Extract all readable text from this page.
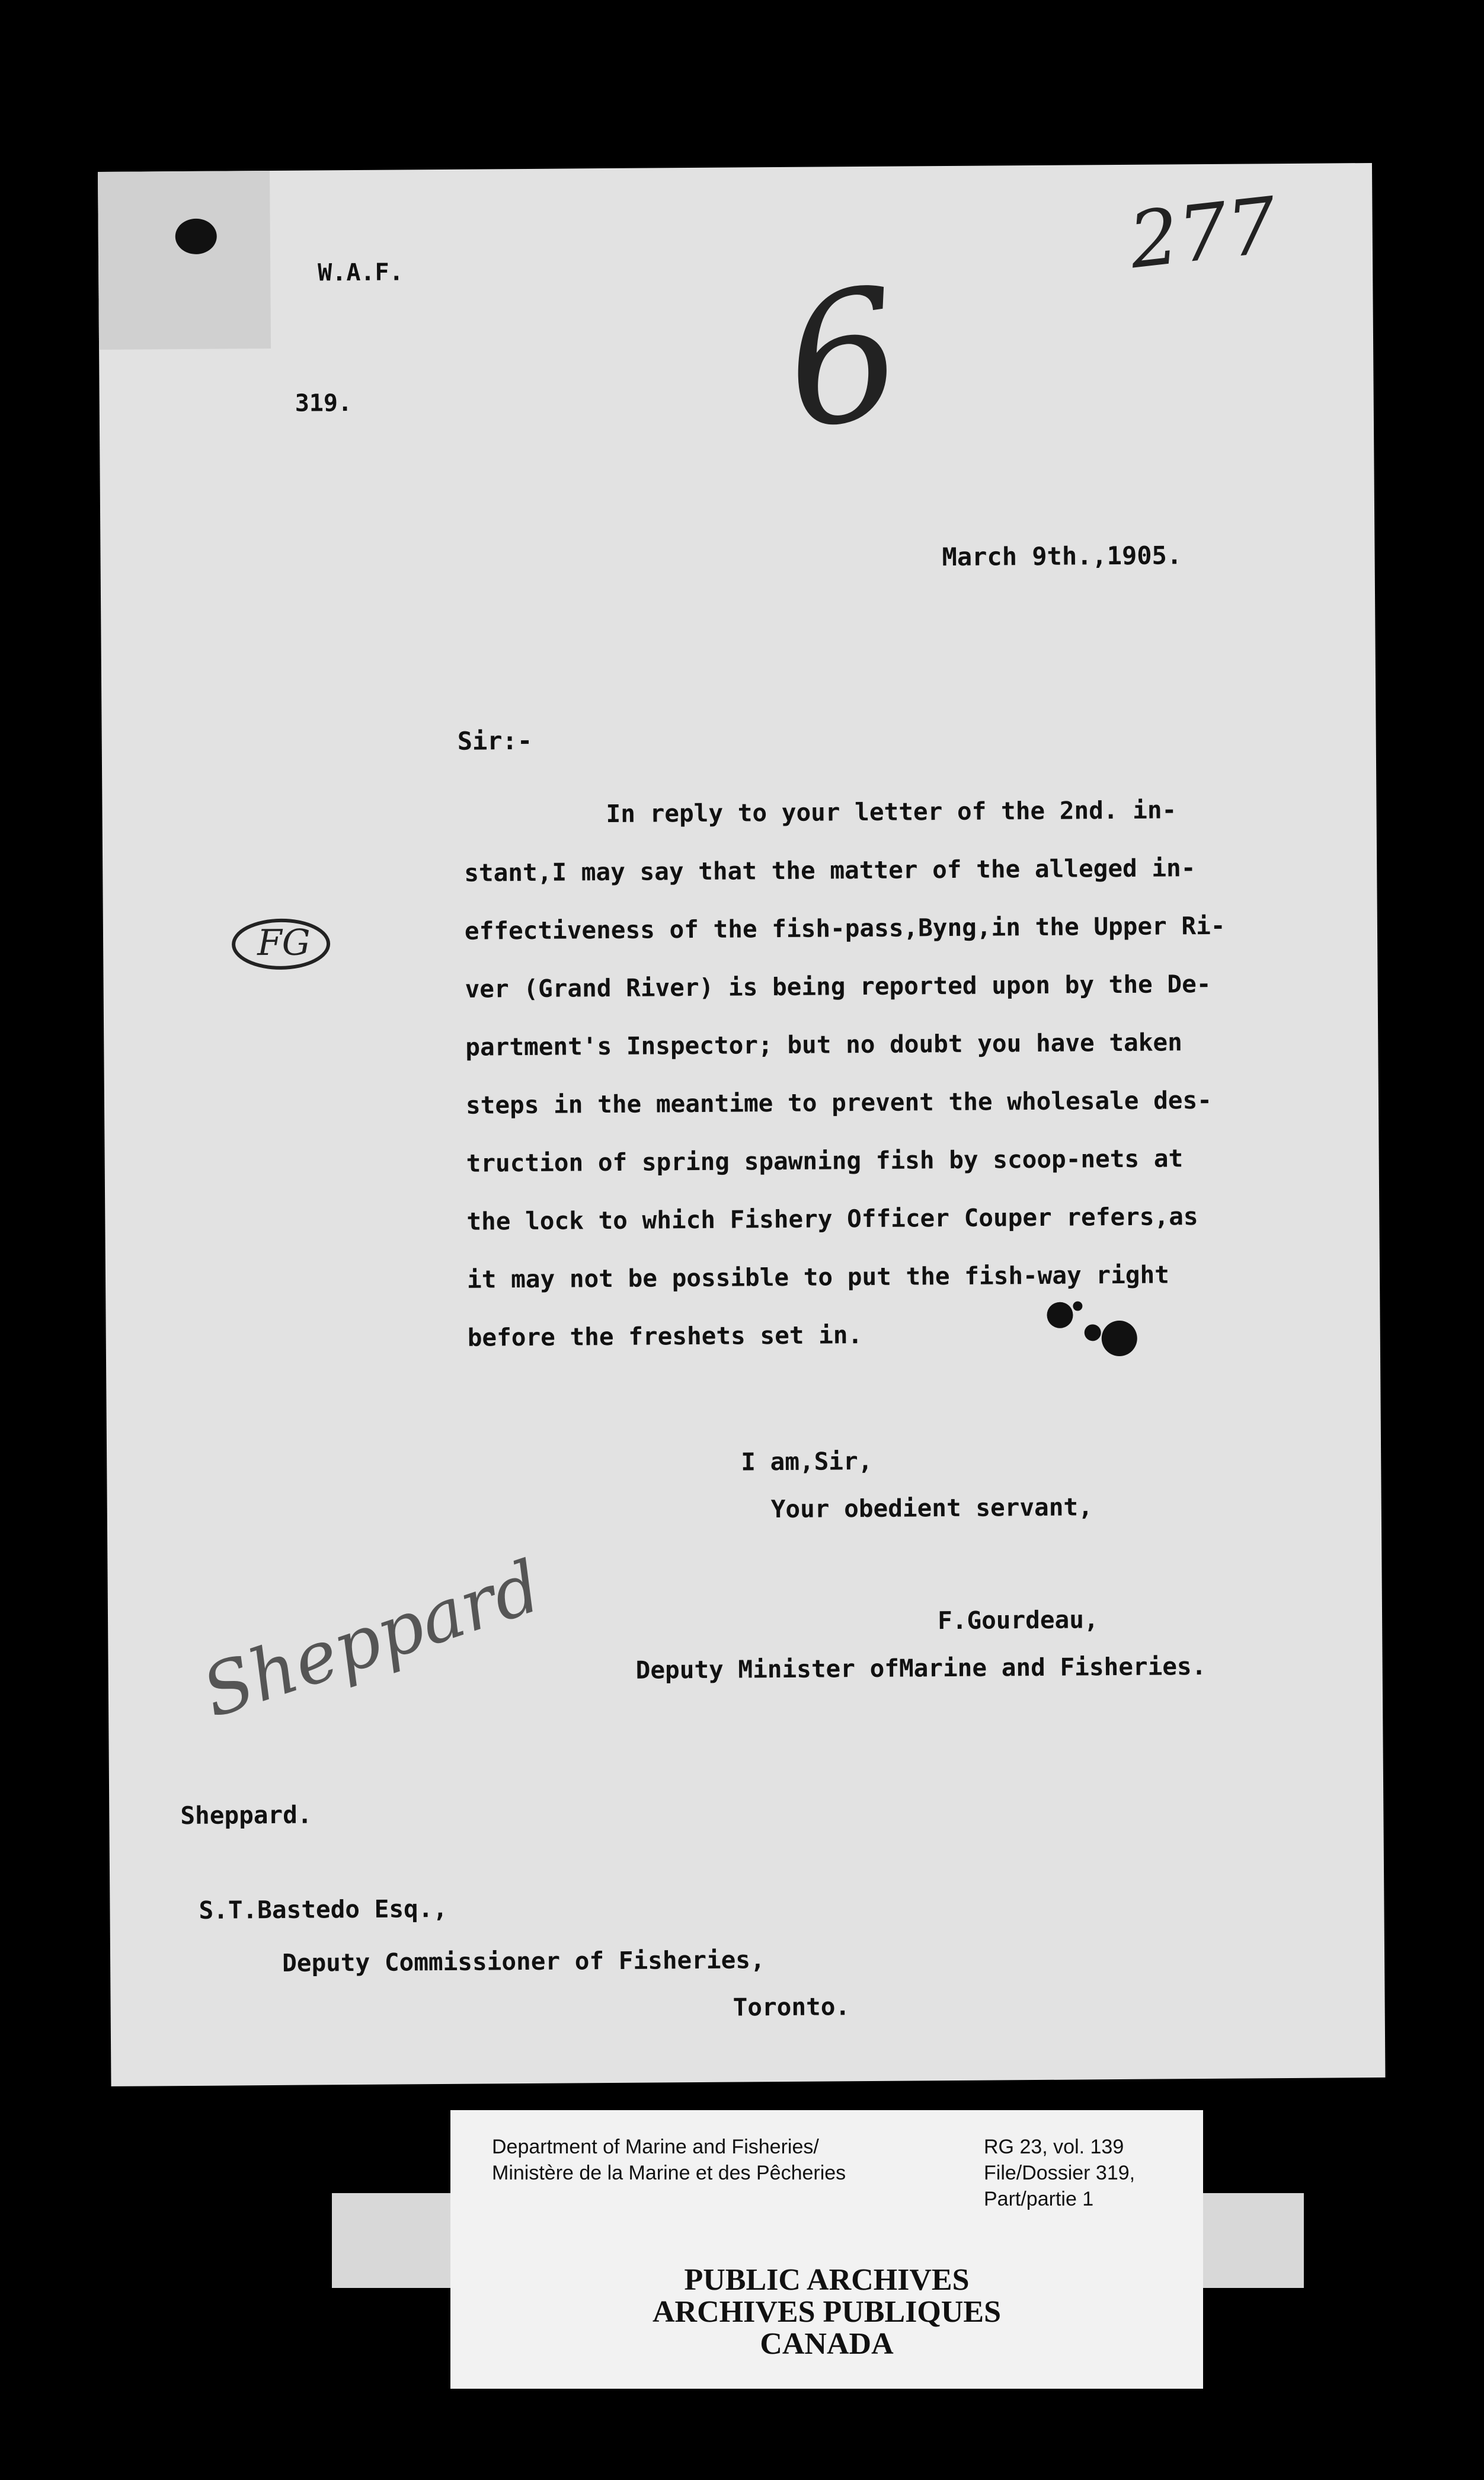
277
6
W.A.F.
319.
March 9th.,1905.
Sir:-
FG
In reply to your letter of the 2nd. in-
stant,I may say that the matter of the alleged in-
effectiveness of the fish-pass,Byng,in the Upper Ri-
ver (Grand River) is being reported upon by the De-
partment's Inspector; but no doubt you have taken
steps in the meantime to prevent the wholesale des-
truction of spring spawning fish by scoop-nets at
the lock to which Fishery Officer Couper refers,as
it may not be possible to put the fish-way right
before the freshets set in.
I am,Sir,
Your obedient servant,
Sheppard	F.Gourdeau,
Deputy Minister ofMarine and Fisheries.
Sheppard.
S.T.Bastedo Esq.,
Deputy Commissioner of Fisheries,
Toronto.
Department of Marine and Fisheries/
Ministère de la Marine et des Pêcheries
RG 23, vol. 139
File/Dossier 319,
Part/partie 1
PUBLIC ARCHIVES
ARCHIVES PUBLIQUES
CANADA
